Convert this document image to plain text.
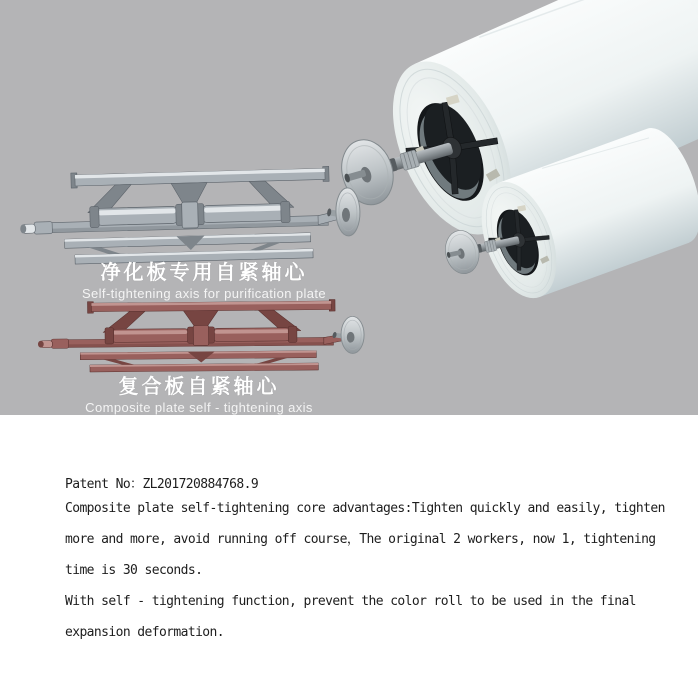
净化板专用自紧轴心
Self-tightening axis for purification plate
复合板自紧轴心
Composite plate self - tightening axis
Patent No：ZL201720884768.9
Composite plate self-tightening core advantages:Tighten quickly and easily, tighten
more and more, avoid running off course，The original 2 workers, now 1, tightening
time is 30 seconds.
With self - tightening function, prevent the color roll to be used in the final
expansion deformation.
